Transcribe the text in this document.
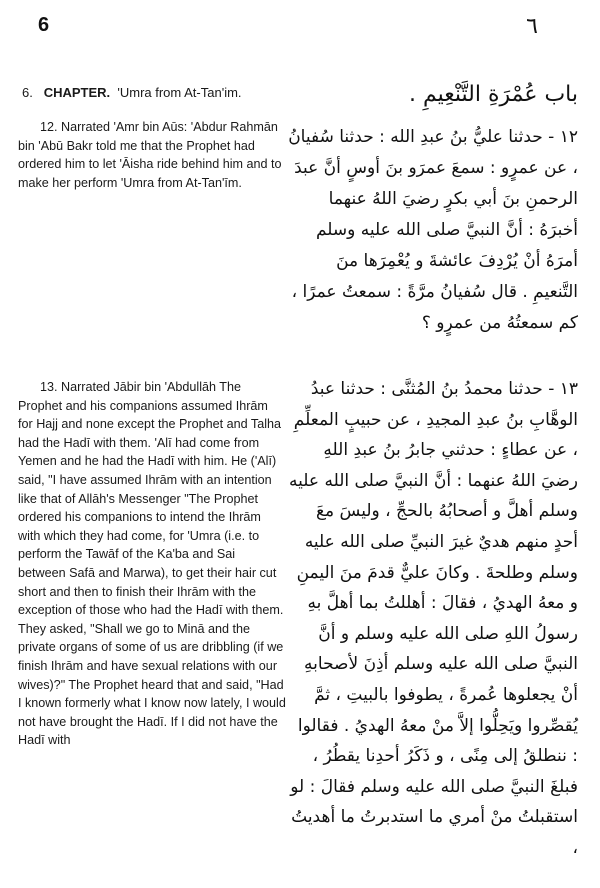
6	٦
6. CHAPTER. 'Umra from At-Tan'im.	باب عُمْرَةِ التَّنْعِيمِ .

12. Narrated 'Amr bin Aūs: 'Abdur Rahmān bin 'Abū Bakr told me that the Prophet had ordered him to let 'Āisha ride behind him and to make her perform 'Umra from At-Tan'īm.

١٢ - حدثنا عليُّ بنُ عبدِ الله : حدثنا سُفيانُ ، عن عمرٍو : سمعَ عمرَو بنَ أوسٍ أنَّ عبدَ الرحمنِ بنَ أبي بكرٍ رضيَ اللهُ عنهما أخبرَهُ : أنَّ النبيَّ صلى الله عليه وسلم أمرَهُ أنْ يُرْدِفَ عائشةَ و يُعْمِرَها منَ التَّنعيمِ . قال سُفيانُ مرَّةً : سمعتُ عمرًا ، كم سمعتُهُ من عمرٍو ؟

13. Narrated Jābir bin 'Abdullāh The Prophet and his companions assumed Ihrām for Hajj and none except the Prophet and Talha had the Hadī with them. 'Alī had come from Yemen and he had the Hadī with him. He ('Alī) said, "I have assumed Ihrām with an intention like that of Allāh's Messenger "The Prophet ordered his companions to intend the Ihrām with which they had come, for 'Umra (i.e. to perform the Tawāf of the Ka'ba and Sai between Safā and Marwa), to get their hair cut short and then to finish their Ihrām with the exception of those who had the Hadī with them. They asked, "Shall we go to Minā and the private organs of some of us are dribbling (if we finish Ihrām and have sexual relations with our wives)?" The Prophet heard that and said, "Had I known formerly what I know now lately, I would not have brought the Hadī. If I did not have the Hadī with

١٣ - حدثنا محمدُ بنُ المُثنَّى : حدثنا عبدُ الوهَّابِ بنُ عبدِ المجيدِ ، عن حبيبٍ المعلِّمِ ، عن عطاءٍ : حدثني جابرُ بنُ عبدِ اللهِ رضيَ اللهُ عنهما : أنَّ النبيَّ صلى الله عليه وسلم أهلَّ و أصحابُهُ بالحجِّ ، وليسَ معَ أحدٍ منهم هديٌ غيرَ النبيِّ صلى الله عليه وسلم وطلحةَ . وكانَ عليٌّ قدمَ منَ اليمنِ و معهُ الهديُ ، فقالَ : أهللتُ بما أهلَّ بهِ رسولُ اللهِ صلى الله عليه وسلم و أنَّ النبيَّ صلى الله عليه وسلم أذِنَ لأصحابهِ أنْ يجعلوها عُمرةً ، يطوفوا بالبيتِ ، ثمَّ يُقصِّروا ويَحِلُّوا إلاَّ منْ معهُ الهديُ . فقالوا : ننطلقُ إلى مِنًى ، و ذَكَرُ أحدِنا يقطُرُ ، فبلغَ النبيَّ صلى الله عليه وسلم فقالَ : لو استقبلتُ منْ أمري ما استدبرتُ ما أهديتُ ،
